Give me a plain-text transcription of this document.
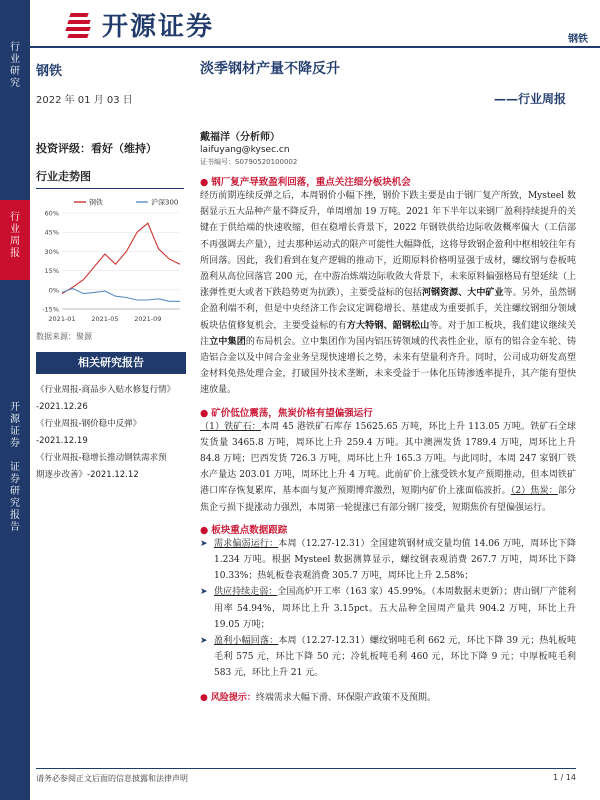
行
业
研
究
行
业
周
报
开
源
证
券

证
券
研
究
报
告
开源证券	钢铁
钢铁
2022 年 01 月 03 日
投资评级：看好（维持）
行业走势图
60%
45%
30%
15%
0%
-15%
2021-01 2021-05 2021-09
钢铁	沪深300
数据来源：聚源
相关研究报告
《行业周报-商品步入贴水修复行情》
-2021.12.26
《行业周报-钢价稳中反弹》
-2021.12.19
《行业周报-稳增长推动钢铁需求预
期逐步改善》-2021.12.12
淡季钢材产量不降反升
——行业周报
戴福洋（分析师）
laifuyang@kysec.cn
证书编号：S0790520100002
● 钢厂复产导致盈利回落，重点关注细分板块机会
经历前期连续反弹之后，本周钢价小幅下挫，钢价下跌主要是由于钢厂复产所致，Mysteel 数据显示五大品种产量不降反升，单周增加 19 万吨。2021 年下半年以来钢厂盈利持续提升的关键在于供给端的快速收缩，但在稳增长背景下，2022 年钢铁供给边际收敛概率偏大（工信部不再强调去产量），过去那种运动式的限产可能性大幅降低，这将导致钢企盈利中枢相较往年有所回落。因此，我们看到在复产逻辑的推动下，近期原料价格明显强于成材，螺纹钢与卷板吨盈利从高位回落官 200 元，在中游冶炼端边际收敛大背景下，未来原料偏强格局有望延续（上涨弹性更大或者下跌趋势更为抗跌），主要受益标的包括河钢资源、大中矿业等。另外，虽然钢企盈利端不利，但是中央经济工作会议定调稳增长、基建成为重要抓手，关注螺纹钢细分领域板块估值修复机会，主要受益标的有方大特钢、韶钢松山等。对于加工板块，我们建议继续关注立中集团的布局机会。立中集团作为国内铝压铸领域的代表性企业，原有的铝合金车轮、铸造铝合金以及中间合金业务呈现快速增长之势，未来有望量利齐升。同时，公司成功研发高塑金材料免热处理合金，打破国外技术垄断，未来受益于一体化压铸渗透率提升，其产能有望快速放量。
● 矿价低位震荡，焦炭价格有望偏强运行
（1）铁矿石：本周 45 港铁矿石库存 15625.65 万吨，环比上升 113.05 万吨。铁矿石全球发货量 3465.8 万吨，周环比上升 259.4 万吨。其中澳洲发货 1789.4 万吨，周环比上升 84.8 万吨；巴西发货 726.3 万吨，周环比上升 165.3 万吨。与此同时，本周 247 家钢厂铁水产量达 203.01 万吨，周环比上升 4 万吨。此前矿价上涨受铁水复产预期推动，但本周铁矿港口库存恢复累库，基本面与复产预期博弈激烈，短期内矿价上涨面临波折。（2）焦炭：部分焦企亏损下提涨动力强烈，本周第一轮提涨已有部分钢厂接受，短期焦价有望偏强运行。
● 板块重点数据跟踪
➤ 需求偏弱运行：本周（12.27-12.31）全国建筑钢材成交量均值 14.06 万吨，周环比下降 1.234 万吨。根据 Mysteel 数据测算显示，螺纹钢表观消费 267.7 万吨，周环比下降 10.33%；热轧板卷表观消费 305.7 万吨，周环比上升 2.58%；
➤ 供应持续走弱：全国高炉开工率（163 家）45.99%。（本周数据未更新）；唐山钢厂产能利用率 54.94%，周环比上升 3.15pct。五大品种全国周产量共 904.2 万吨，环比上升 19.05 万吨；
➤ 盈利小幅回落：本周（12.27-12.31）螺纹钢吨毛利 662 元，环比下降 39 元；热轧板吨毛利 575 元，环比下降 50 元；冷轧板吨毛利 460 元，环比下降 9 元；中厚板吨毛利 583 元，环比上升 21 元。
● 风险提示：终端需求大幅下滑、环保限产政策不及预期。
请务必参阅正文后面的信息披露和法律声明	1 / 14
